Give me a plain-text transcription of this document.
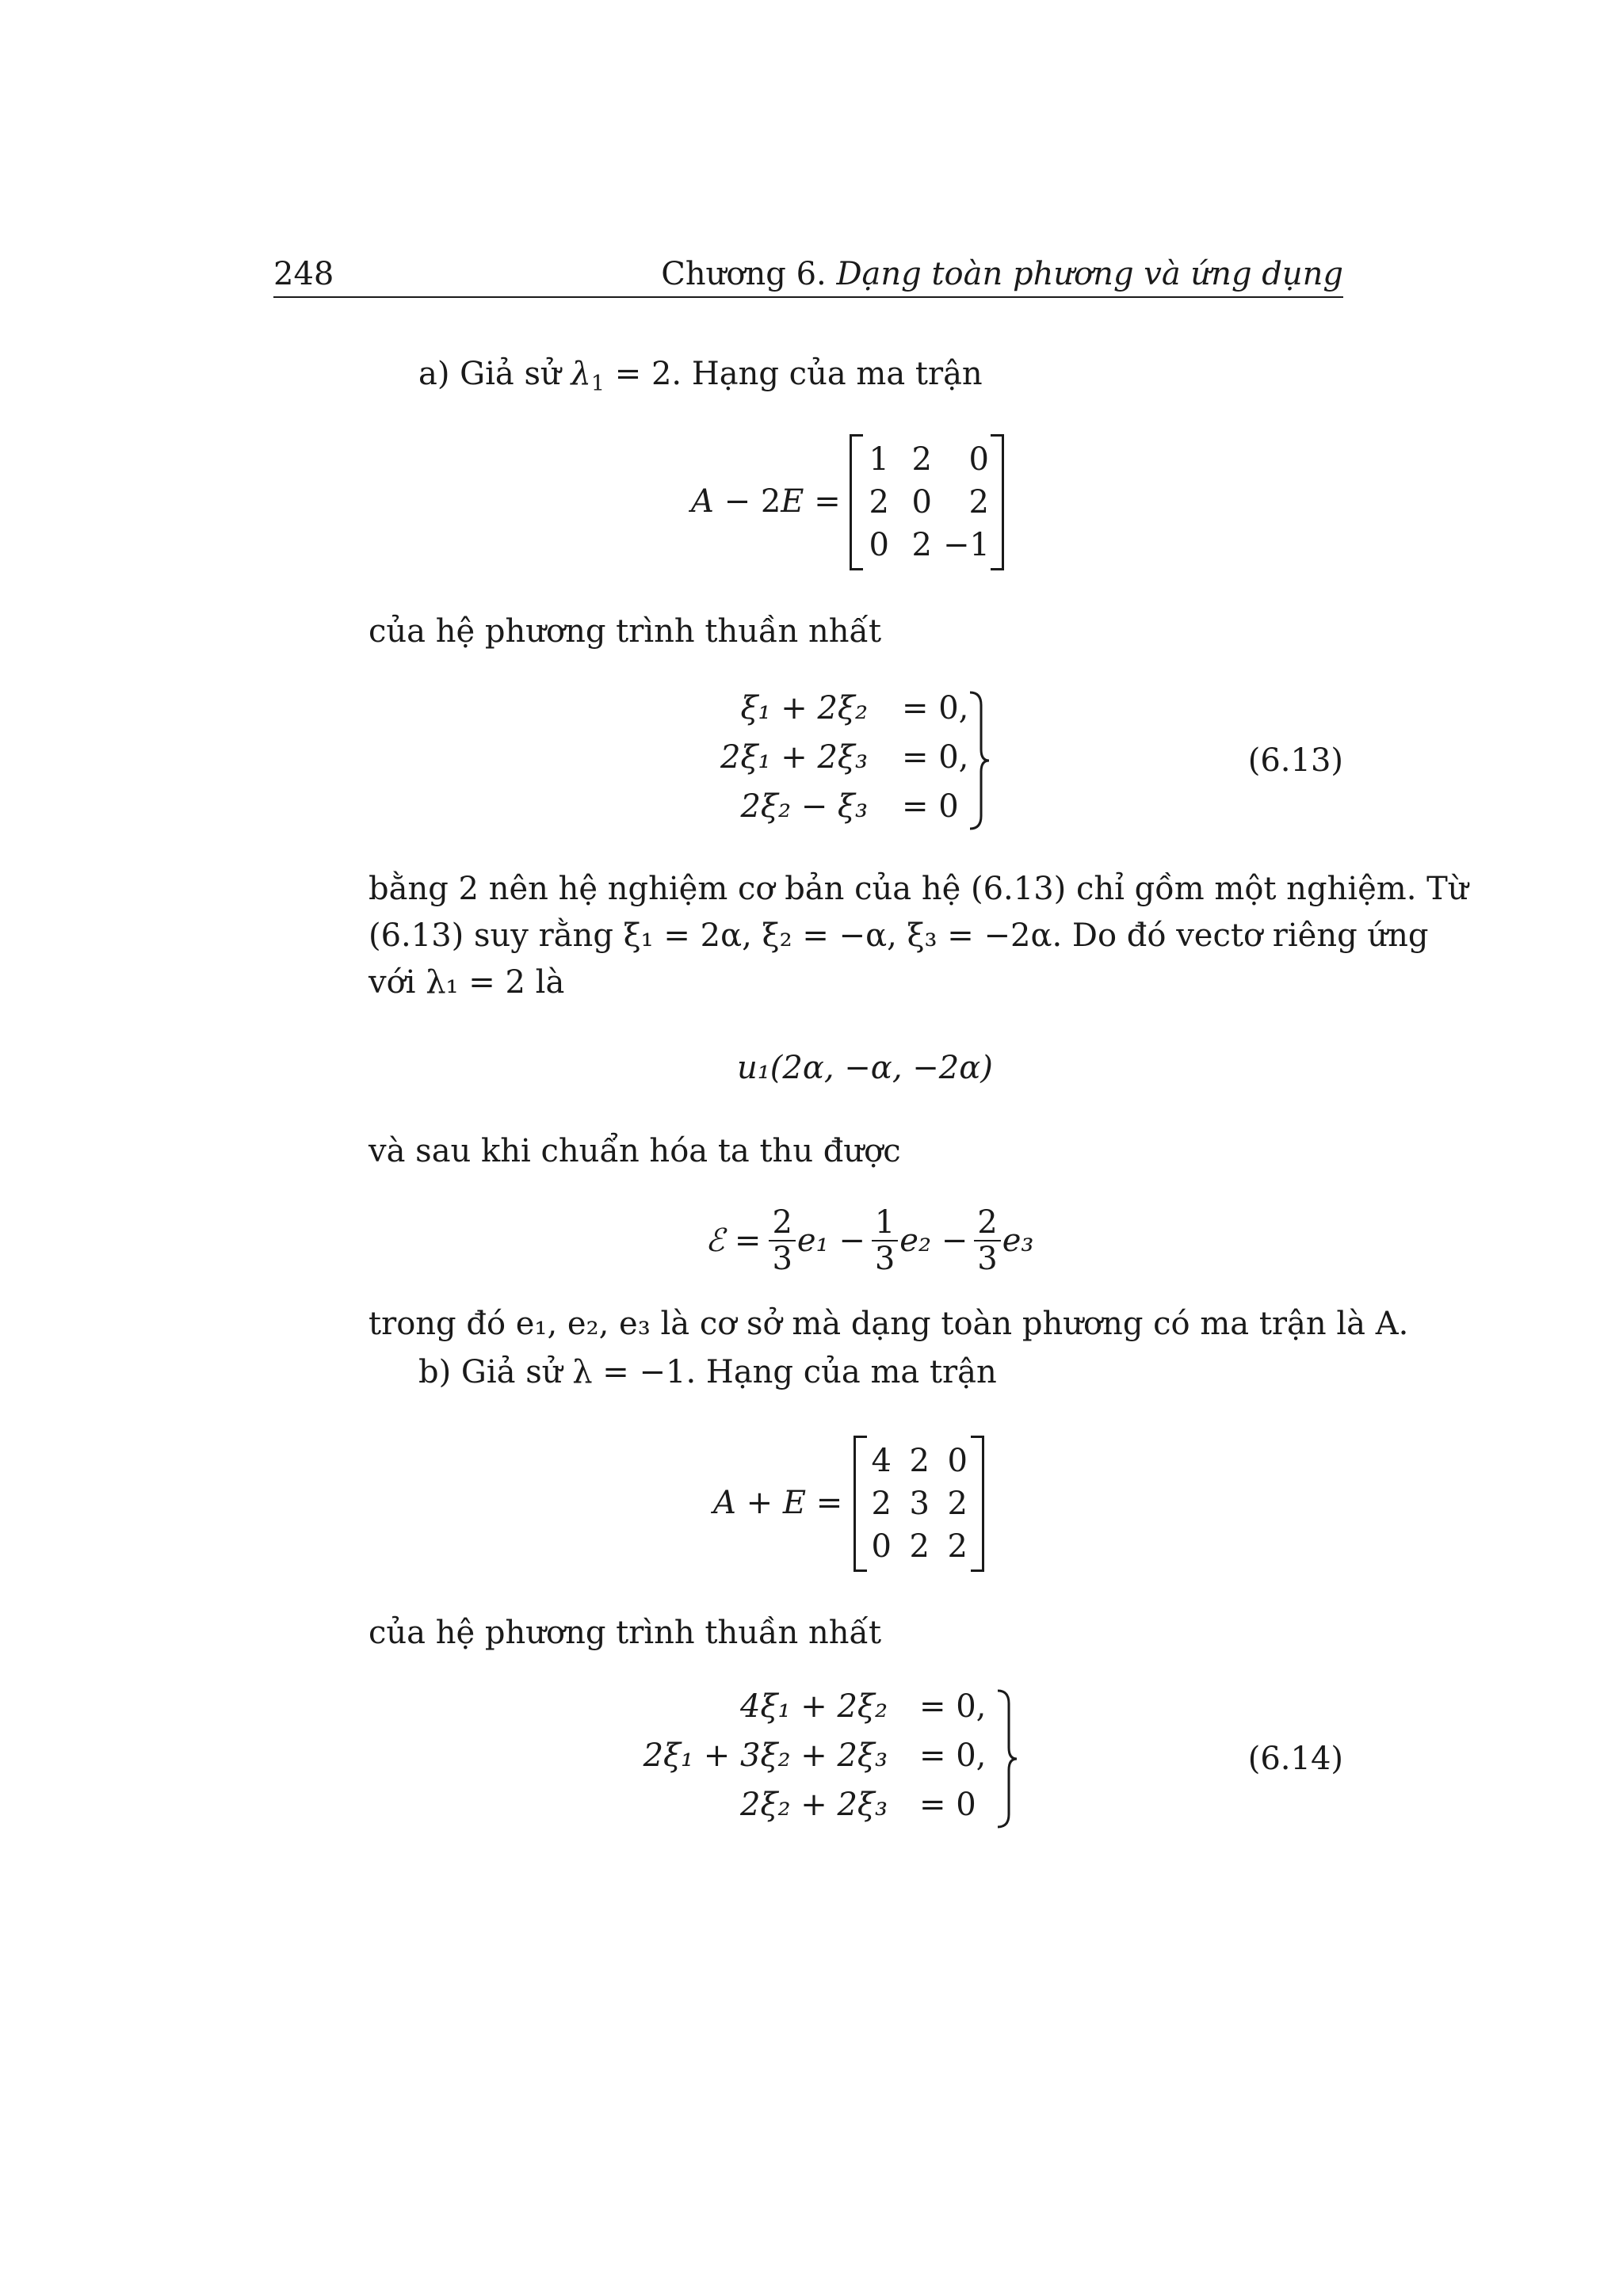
248	Chương 6. Dạng toàn phương và ứng dụng
a) Giả sử $\lambda_1 = 2$. Hạng của ma trận
A − 2E =
1 2	0
2 0	2
0 2 −1
của hệ phương trình thuần nhất
ξ₁ + 2ξ₂ = 0,
2ξ₁ + 2ξ₃ = 0,
2ξ₂ − ξ₃ = 0
(6.13)
bằng 2 nên hệ nghiệm cơ bản của hệ (6.13) chỉ gồm một nghiệm. Từ
(6.13) suy rằng ξ₁ = 2α, ξ₂ = −α, ξ₃ = −2α. Do đó vectơ riêng ứng
với λ₁ = 2 là
u₁(2α, −α, −2α)
và sau khi chuẩn hóa ta thu được
ℰ = $\frac{2}{3} e_1 - \frac{1}{3} e_2 - \frac{2}{3} e_3$
trong đó e₁, e₂, e₃ là cơ sở mà dạng toàn phương có ma trận là A.
b) Giả sử λ = −1. Hạng của ma trận
A + E =
4 2 0
2 3 2
0 2 2
của hệ phương trình thuần nhất
4ξ₁ + 2ξ₂ = 0,
2ξ₁ + 3ξ₂ + 2ξ₃ = 0,
2ξ₂ + 2ξ₃ = 0
(6.14)
